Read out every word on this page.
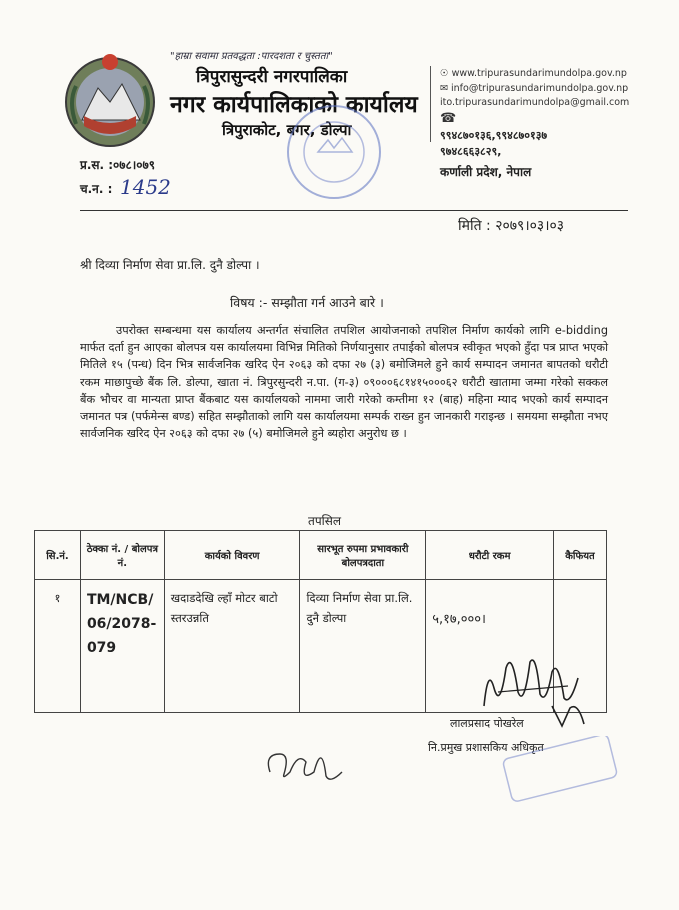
"हाम्रा सवामा प्रतवद्धता :पारदशता र चुस्तता"
त्रिपुरासुन्दरी नगरपालिका
नगर कार्यपालिकाको कार्यालय
त्रिपुराकोट, बगर, डोल्पा
☉ www.tripurasundarimundolpa.gov.np
✉ info@tripurasundarimundolpa.gov.np
ito.tripurasundarimundolpa@gmail.com
☎
९९४८७०१३६,९९४८७०१३७
९७४८६६३८२९,
कर्णाली प्रदेश, नेपाल
प्र.स. :०७८।०७९
च.न. : 1452
मिति : २०७९।०३।०३
श्री दिव्या निर्माण सेवा प्रा.लि. दुनै डोल्पा ।
विषय :- सम्झौता गर्न आउने बारे ।
उपरोक्त सम्बन्धमा यस कार्यालय अन्तर्गत संचालित तपशिल आयोजनाको तपशिल निर्माण कार्यको लागि e-bidding मार्फत दर्ता हुन आएका बोलपत्र यस कार्यालयमा विभिन्न मितिको निर्णयानुसार तपाईको बोलपत्र स्वीकृत भएको हुँदा पत्र प्राप्त भएको मितिले १५ (पन्ध) दिन भित्र सार्वजनिक खरिद ऐन २०६३ को दफा २७ (३) बमोजिमले हुने कार्य सम्पादन जमानत बापतको धरौटी रकम माछापुच्छे बैंक लि. डोल्पा, खाता नं. त्रिपुरसुन्दरी न.पा. (ग-३) ०९०००६८१४१५०००६२ धरौटी खातामा जम्मा गरेको सक्कल बैंक भौचर वा मान्यता प्राप्त बैंकबाट यस कार्यालयको नाममा जारी गरेको कम्तीमा १२ (बाह) महिना म्याद भएको कार्य सम्पादन जमानत पत्र (पर्फमेन्स बण्ड) सहित सम्झौताको लागि यस कार्यालयमा सम्पर्क राख्न हुन जानकारी गराइन्छ । समयमा सम्झौता नभए सार्वजनिक खरिद ऐन २०६३ को दफा २७ (५) बमोजिमले हुने ब्यहोरा अनुरोध छ ।
तपसिल
सि.नं.	ठेक्का नं. / बोलपत्र नं.	कार्यको विवरण	सारभूत रुपमा प्रभावकारी बोलपत्रदाता	धरौटी रकम	कैफियत
१	TM/NCB/06/2078-079	खदाडदेखि ल्हाँ मोटर बाटो स्तरउन्नति	दिव्या निर्माण सेवा प्रा.लि. दुनै डोल्पा	५,१७,०००।	
लालप्रसाद पोखरेल
नि.प्रमुख प्रशासकिय अधिकृत
